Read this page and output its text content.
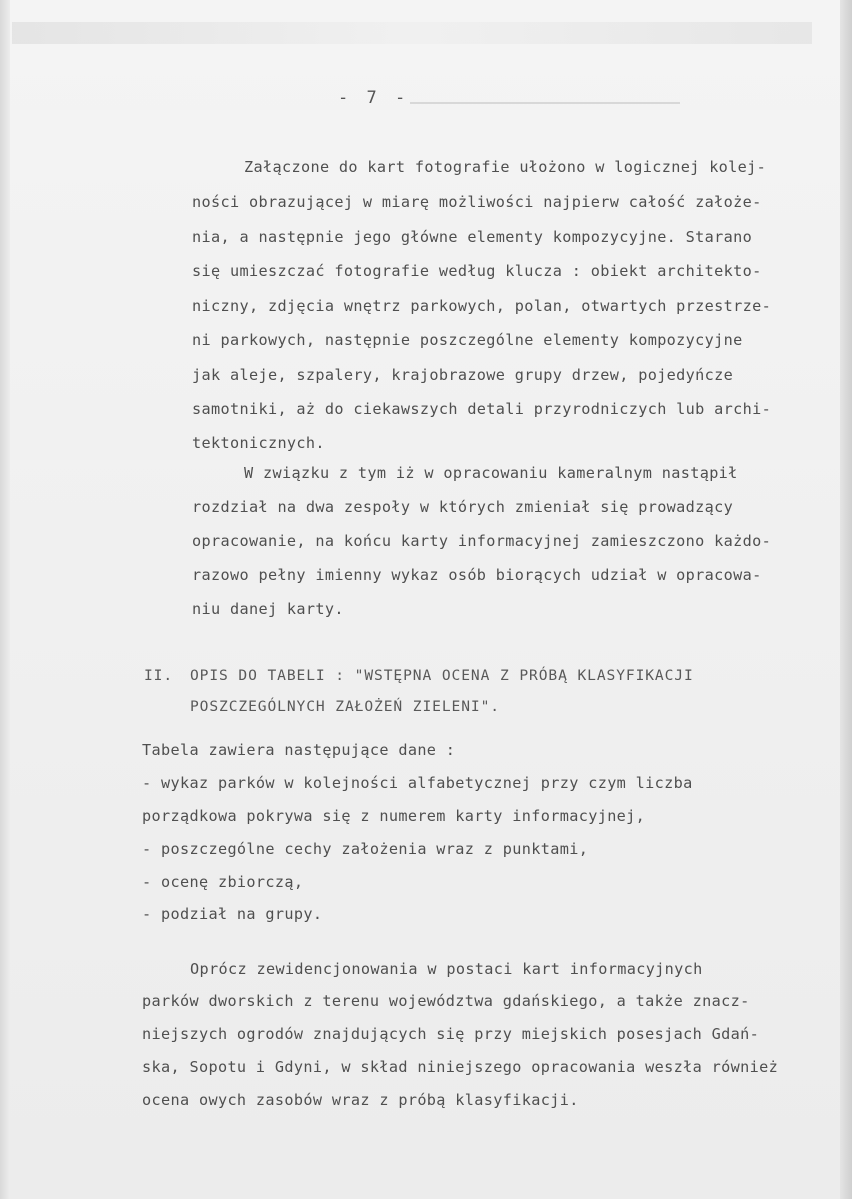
- 7 -
Załączone do kart fotografie ułożono w logicznej kolej-
ności obrazującej w miarę możliwości najpierw całość założe-
nia, a następnie jego główne elementy kompozycyjne. Starano
się umieszczać fotografie według klucza : obiekt architekto-
niczny, zdjęcia wnętrz parkowych, polan, otwartych przestrze-
ni parkowych, następnie poszczególne elementy kompozycyjne
jak aleje, szpalery, krajobrazowe grupy drzew, pojedyńcze
samotniki, aż do ciekawszych detali przyrodniczych lub archi-
tektonicznych.
W związku z tym iż w opracowaniu kameralnym nastąpił
rozdział na dwa zespoły w których zmieniał się prowadzący
opracowanie, na końcu karty informacyjnej zamieszczono każdo-
razowo pełny imienny wykaz osób biorących udział w opracowa-
niu danej karty.
II. OPIS DO TABELI : "WSTĘPNA OCENA Z PRÓBĄ KLASYFIKACJI
POSZCZEGÓLNYCH ZAŁOŻEŃ ZIELENI".
Tabela zawiera następujące dane :
- wykaz parków w kolejności alfabetycznej przy czym liczba
porządkowa pokrywa się z numerem karty informacyjnej,
- poszczególne cechy założenia wraz z punktami,
- ocenę zbiorczą,
- podział na grupy.
Oprócz zewidencjonowania w postaci kart informacyjnych
parków dworskich z terenu województwa gdańskiego, a także znacz-
niejszych ogrodów znajdujących się przy miejskich posesjach Gdań-
ska, Sopotu i Gdyni, w skład niniejszego opracowania weszła również
ocena owych zasobów wraz z próbą klasyfikacji.
